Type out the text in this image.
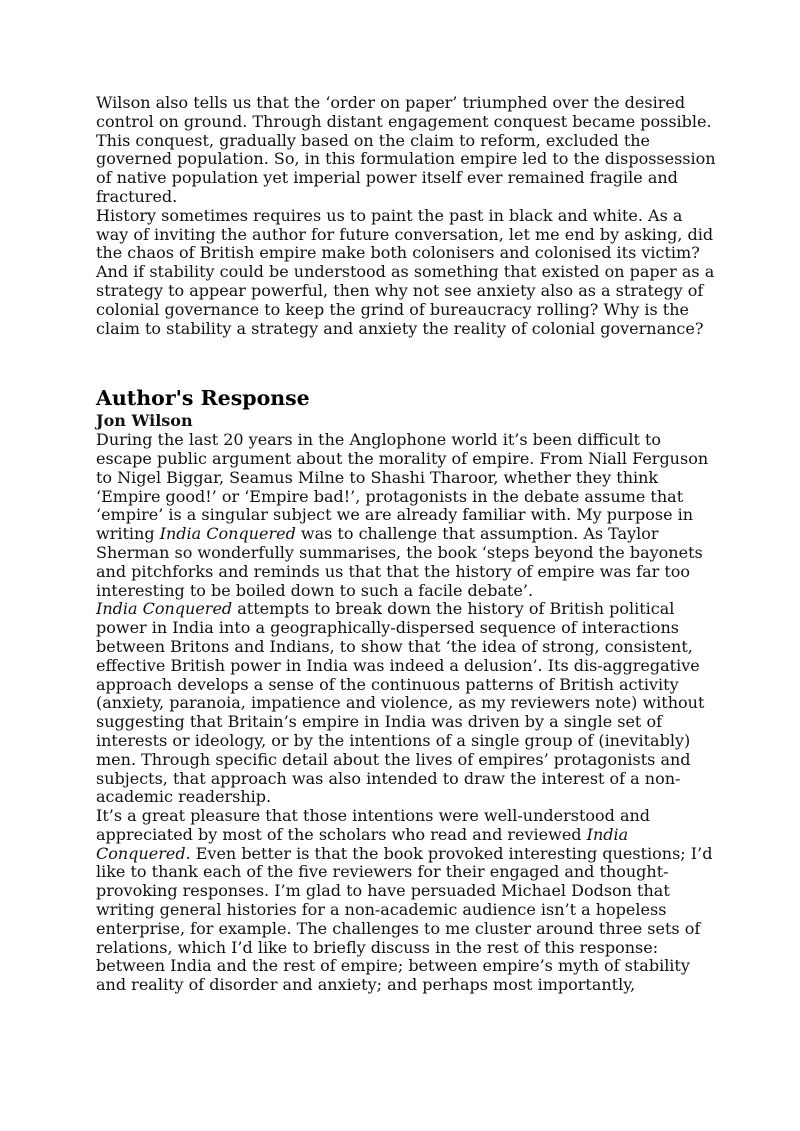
Wilson also tells us that the ‘order on paper’ triumphed over the desired control on ground. Through distant engagement conquest became possible. This conquest, gradually based on the claim to reform, excluded the governed population. So, in this formulation empire led to the dispossession of native population yet imperial power itself ever remained fragile and fractured.

History sometimes requires us to paint the past in black and white. As a way of inviting the author for future conversation, let me end by asking, did the chaos of British empire make both colonisers and colonised its victim? And if stability could be understood as something that existed on paper as a strategy to appear powerful, then why not see anxiety also as a strategy of colonial governance to keep the grind of bureaucracy rolling? Why is the claim to stability a strategy and anxiety the reality of colonial governance?

Author's Response
Jon Wilson

During the last 20 years in the Anglophone world it’s been difficult to escape public argument about the morality of empire. From Niall Ferguson to Nigel Biggar, Seamus Milne to Shashi Tharoor, whether they think ‘Empire good!’ or ‘Empire bad!’, protagonists in the debate assume that ‘empire’ is a singular subject we are already familiar with. My purpose in writing India Conquered was to challenge that assumption. As Taylor Sherman so wonderfully summarises, the book ‘steps beyond the bayonets and pitchforks and reminds us that that the history of empire was far too interesting to be boiled down to such a facile debate’.

India Conquered attempts to break down the history of British political power in India into a geographically-dispersed sequence of interactions between Britons and Indians, to show that ‘the idea of strong, consistent, effective British power in India was indeed a delusion’. Its dis-aggregative approach develops a sense of the continuous patterns of British activity (anxiety, paranoia, impatience and violence, as my reviewers note) without suggesting that Britain’s empire in India was driven by a single set of interests or ideology, or by the intentions of a single group of (inevitably) men. Through specific detail about the lives of empires’ protagonists and subjects, that approach was also intended to draw the interest of a non-academic readership.

It’s a great pleasure that those intentions were well-understood and appreciated by most of the scholars who read and reviewed India Conquered. Even better is that the book provoked interesting questions; I’d like to thank each of the five reviewers for their engaged and thought-provoking responses. I’m glad to have persuaded Michael Dodson that writing general histories for a non-academic audience isn’t a hopeless enterprise, for example. The challenges to me cluster around three sets of relations, which I’d like to briefly discuss in the rest of this response: between India and the rest of empire; between empire’s myth of stability and reality of disorder and anxiety; and perhaps most importantly,
